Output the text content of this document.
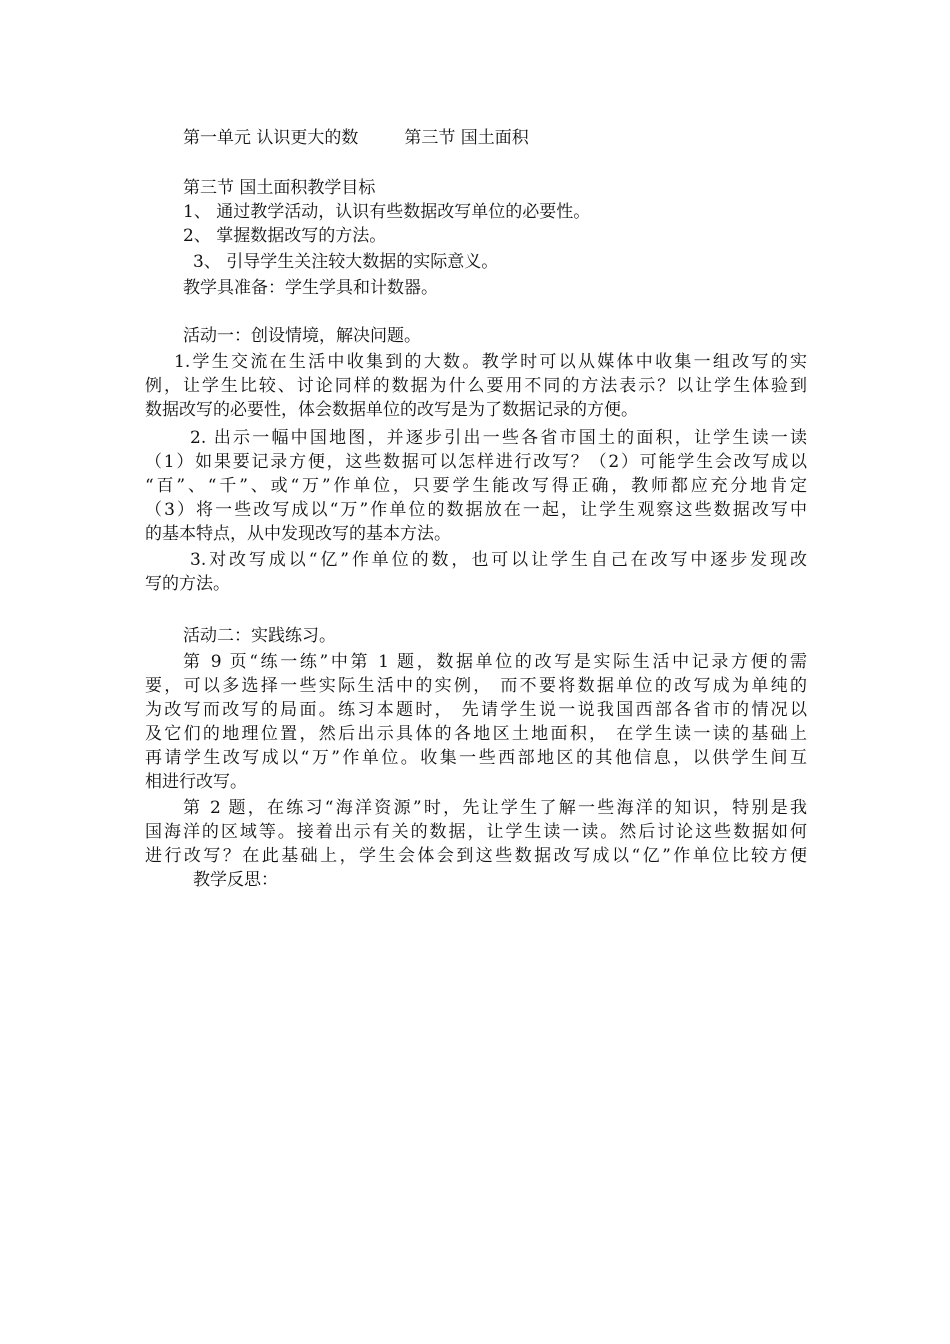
第一单元 认识更大的数	第三节 国土面积
第三节 国土面积教学目标
1、 通过教学活动，认识有些数据改写单位的必要性。
2、 掌握数据改写的方法。
3、 引导学生关注较大数据的实际意义。
教学具准备：学生学具和计数器。
活动一：创设情境，解决问题。
1.学生交流在生活中收集到的大数。教学时可以从媒体中收集一组改写的实
例，让学生比较、讨论同样的数据为什么要用不同的方法表示？以让学生体验到
数据改写的必要性，体会数据单位的改写是为了数据记录的方便。
2. 出示一幅中国地图，并逐步引出一些各省市国土的面积，让学生读一读
（1）如果要记录方便，这些数据可以怎样进行改写？（2）可能学生会改写成以
“百”、“千”、或“万”作单位，只要学生能改写得正确，教师都应充分地肯定
（3）将一些改写成以“万”作单位的数据放在一起，让学生观察这些数据改写中
的基本特点，从中发现改写的基本方法。
3.对改写成以“亿”作单位的数，也可以让学生自己在改写中逐步发现改
写的方法。
活动二：实践练习。
第 9 页“练一练”中第 1 题，数据单位的改写是实际生活中记录方便的需
要，可以多选择一些实际生活中的实例， 而不要将数据单位的改写成为单纯的
为改写而改写的局面。练习本题时， 先请学生说一说我国西部各省市的情况以
及它们的地理位置，然后出示具体的各地区土地面积， 在学生读一读的基础上
再请学生改写成以“万”作单位。收集一些西部地区的其他信息，以供学生间互
相进行改写。
第 2 题，在练习“海洋资源”时，先让学生了解一些海洋的知识，特别是我
国海洋的区域等。接着出示有关的数据，让学生读一读。然后讨论这些数据如何
进行改写？在此基础上，学生会体会到这些数据改写成以“亿”作单位比较方便
教学反思：
